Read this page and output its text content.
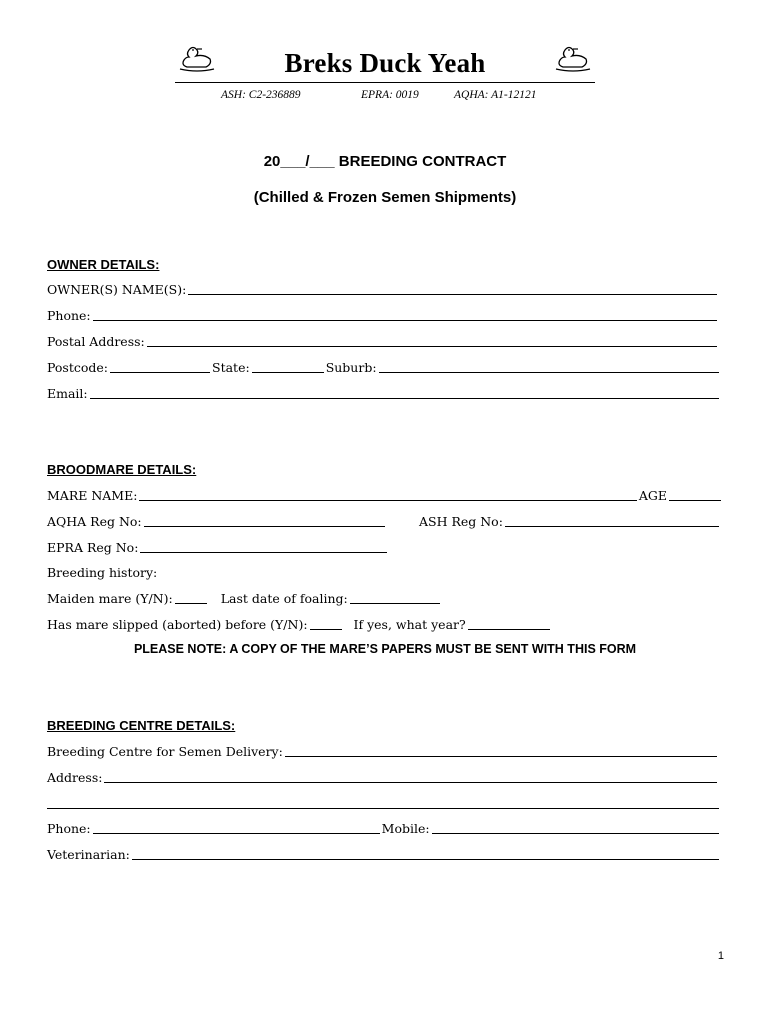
Breks Duck Yeah
ASH: C2-236889	EPRA: 0019	AQHA: A1-12121
20___/___ BREEDING CONTRACT
(Chilled & Frozen Semen Shipments)
OWNER DETAILS:
OWNER(S) NAME(S):
Phone:
Postal Address:
Postcode:	State:	Suburb:
Email:
BROODMARE DETAILS:
MARE NAME:	AGE
AQHA Reg No:	ASH Reg No:
EPRA Reg No:
Breeding history:
Maiden mare (Y/N):	Last date of foaling:
Has mare slipped (aborted) before (Y/N):	If yes, what year?
PLEASE NOTE: A COPY OF THE MARE’S PAPERS MUST BE SENT WITH THIS FORM
BREEDING CENTRE DETAILS:
Breeding Centre for Semen Delivery:
Address:
Phone:	Mobile:
Veterinarian:
1
